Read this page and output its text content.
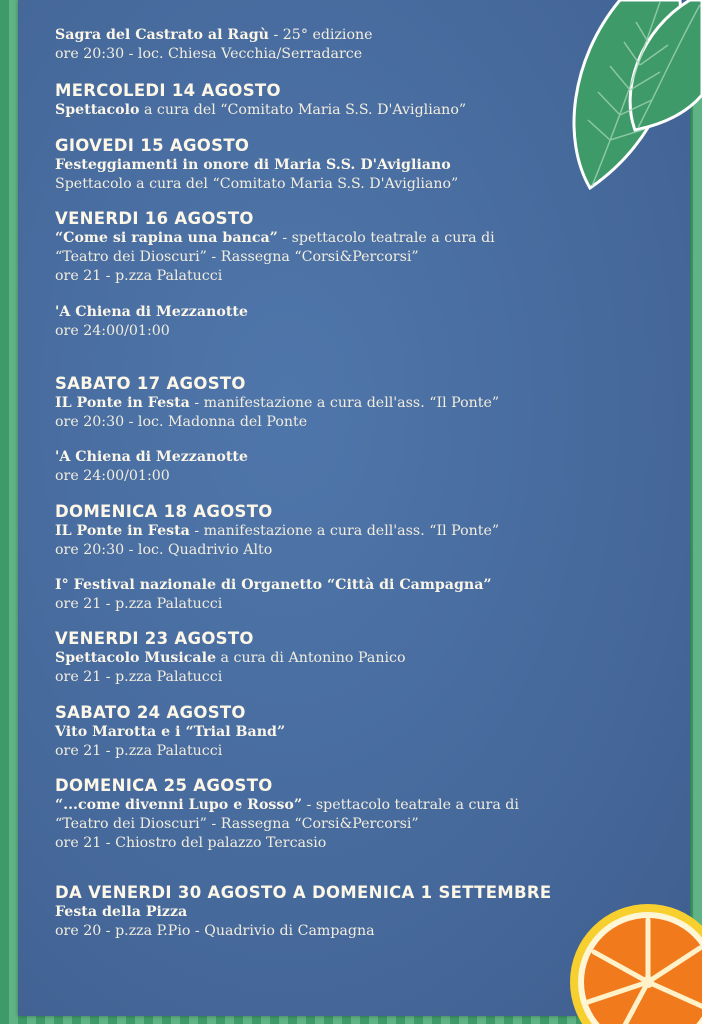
Sagra del Castrato al Ragù - 25° edizione
ore 20:30 - loc. Chiesa Vecchia/Serradarce
MERCOLEDI 14 AGOSTO
Spettacolo a cura del “Comitato Maria S.S. D'Avigliano”
GIOVEDI 15 AGOSTO
Festeggiamenti in onore di Maria S.S. D'Avigliano
Spettacolo a cura del “Comitato Maria S.S. D'Avigliano”
VENERDI 16 AGOSTO
“Come si rapina una banca” - spettacolo teatrale a cura di
“Teatro dei Dioscuri” - Rassegna “Corsi&Percorsi”
ore 21 - p.zza Palatucci
'A Chiena di Mezzanotte
ore 24:00/01:00
SABATO 17 AGOSTO
IL Ponte in Festa - manifestazione a cura dell'ass. “Il Ponte”
ore 20:30 - loc. Madonna del Ponte
'A Chiena di Mezzanotte
ore 24:00/01:00
DOMENICA 18 AGOSTO
IL Ponte in Festa - manifestazione a cura dell'ass. “Il Ponte”
ore 20:30 - loc. Quadrivio Alto
I° Festival nazionale di Organetto “Città di Campagna”
ore 21 - p.zza Palatucci
VENERDI 23 AGOSTO
Spettacolo Musicale a cura di Antonino Panico
ore 21 - p.zza Palatucci
SABATO 24 AGOSTO
Vito Marotta e i “Trial Band”
ore 21 - p.zza Palatucci
DOMENICA 25 AGOSTO
“...come divenni Lupo e Rosso” - spettacolo teatrale a cura di
“Teatro dei Dioscuri” - Rassegna “Corsi&Percorsi”
ore 21 - Chiostro del palazzo Tercasio
DA VENERDI 30 AGOSTO A DOMENICA 1 SETTEMBRE
Festa della Pizza
ore 20 - p.zza P.Pio - Quadrivio di Campagna
